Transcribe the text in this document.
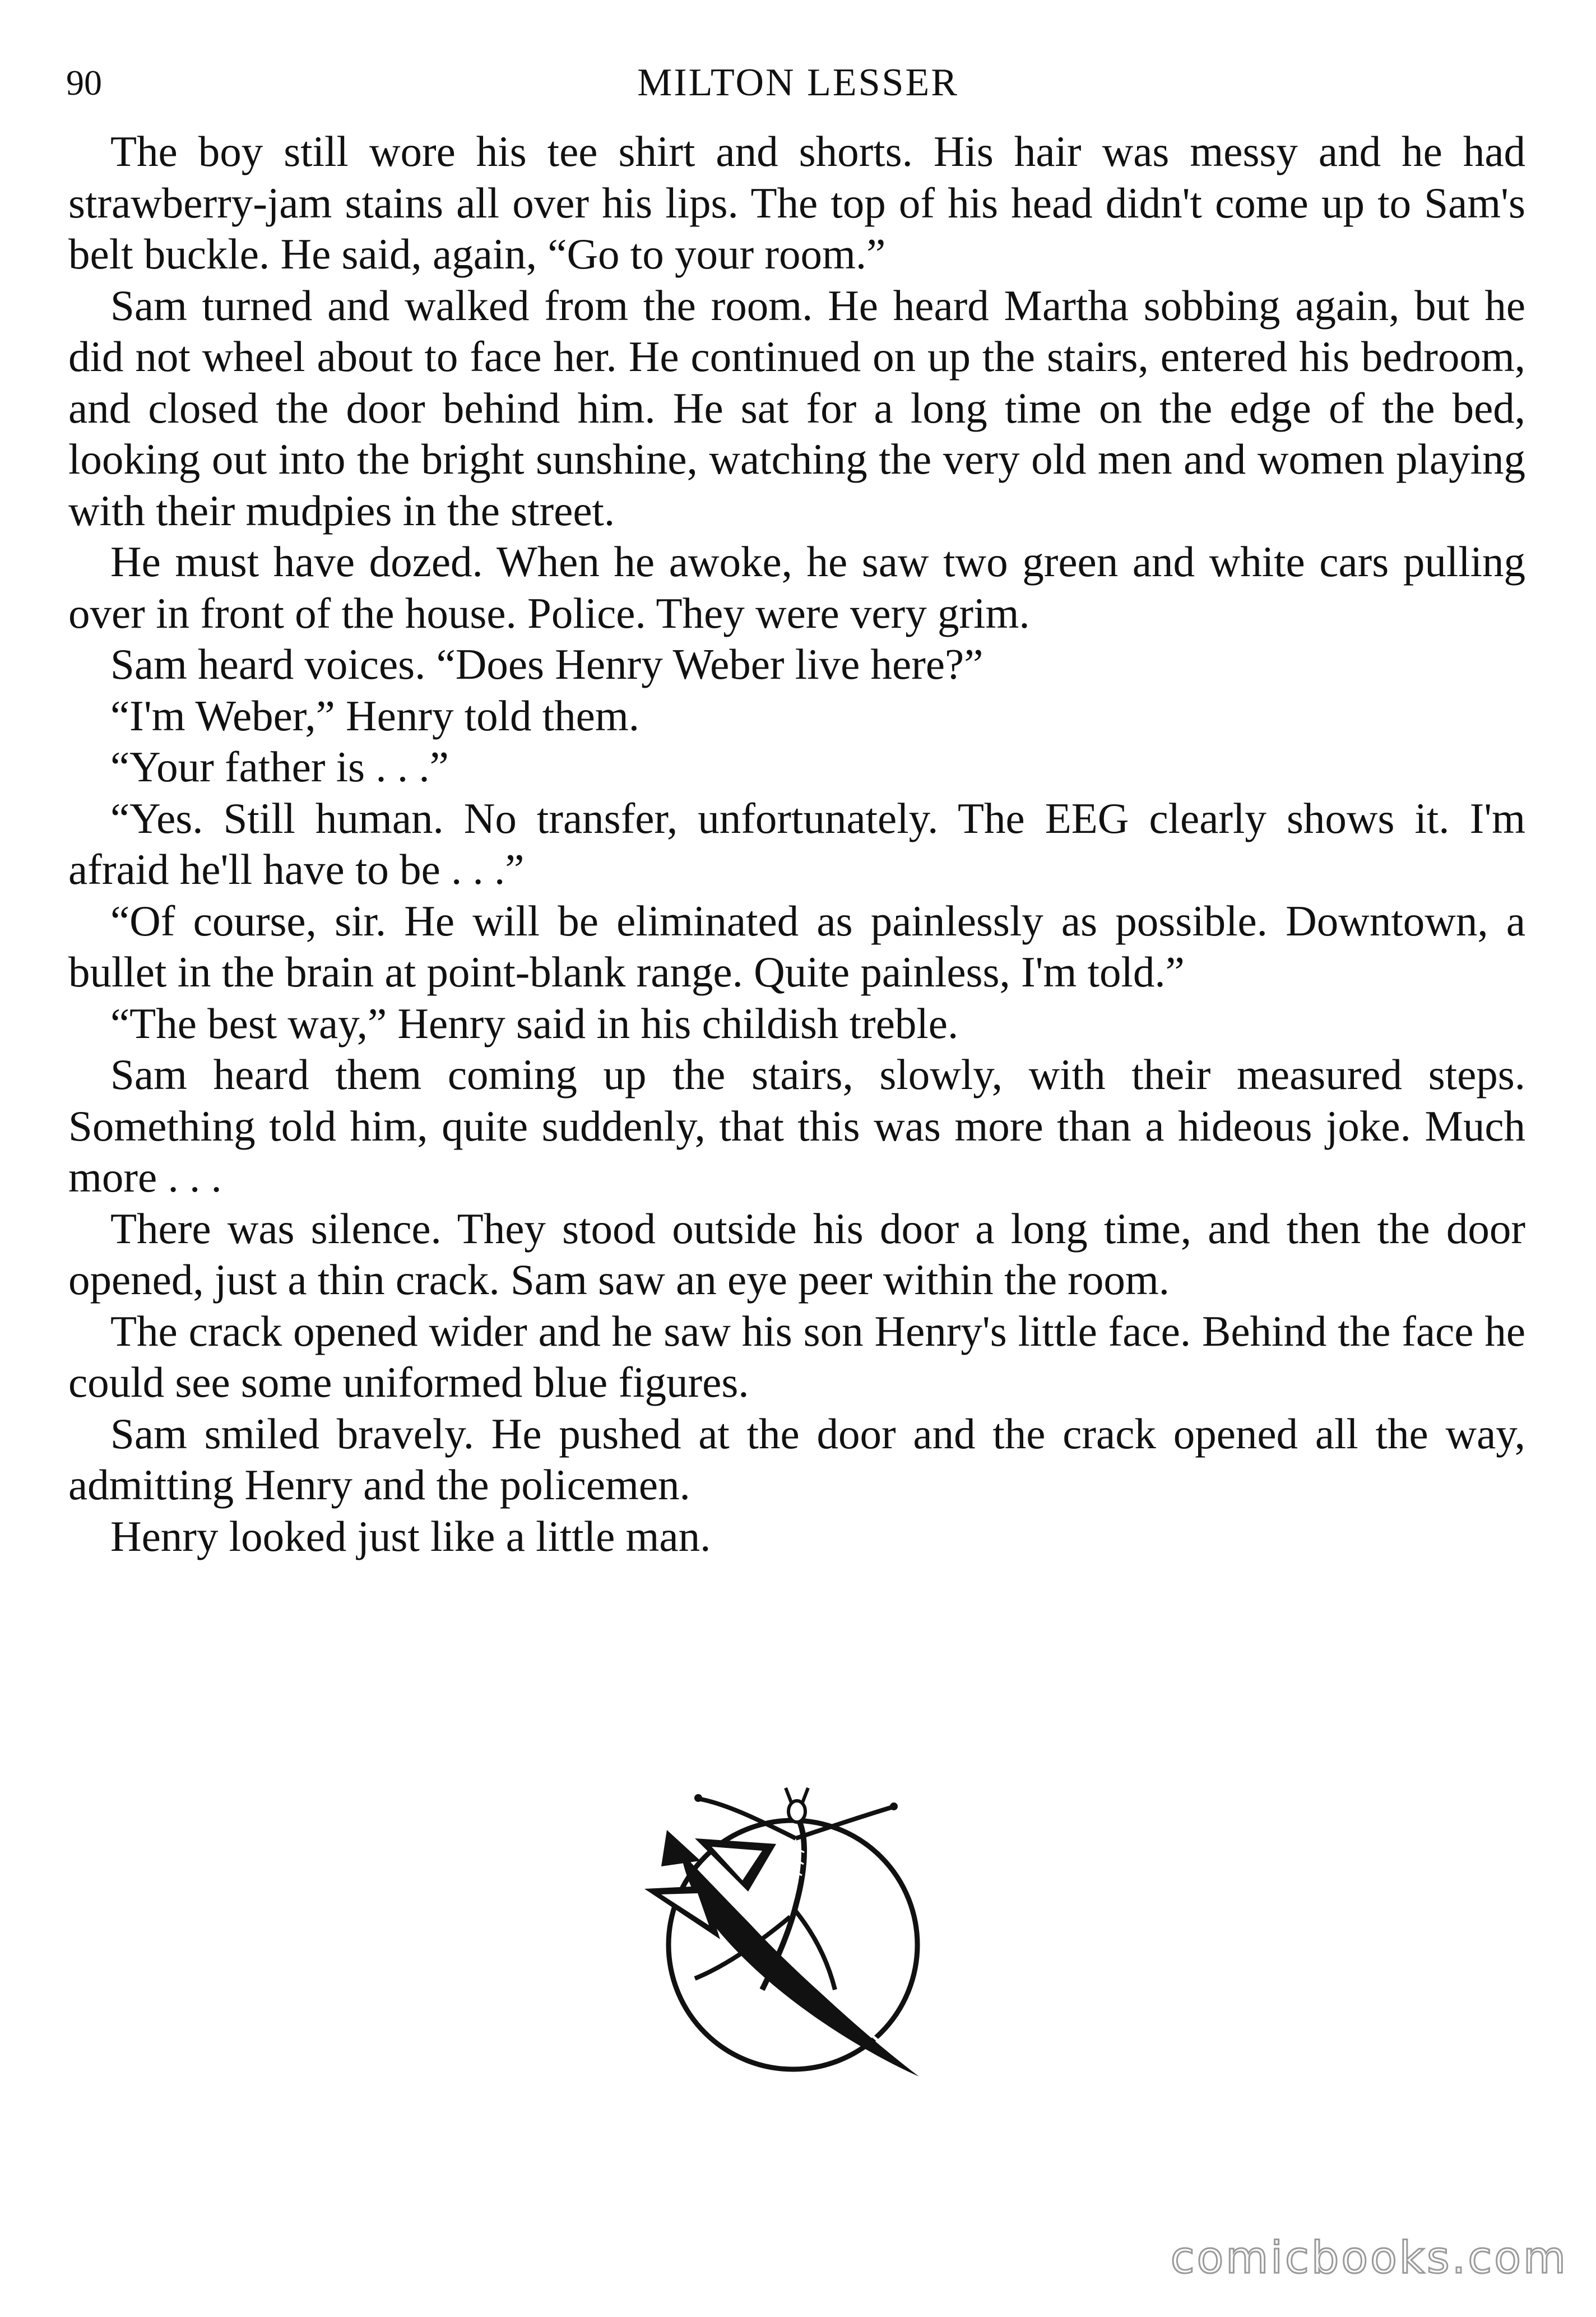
90	MILTON LESSER

The boy still wore his tee shirt and shorts. His hair was messy and he had strawberry-jam stains all over his lips. The top of his head didn't come up to Sam's belt buckle. He said, again, “Go to your room.”

Sam turned and walked from the room. He heard Martha sobbing again, but he did not wheel about to face her. He continued on up the stairs, entered his bedroom, and closed the door behind him. He sat for a long time on the edge of the bed, looking out into the bright sunshine, watching the very old men and women playing with their mudpies in the street.

He must have dozed. When he awoke, he saw two green and white cars pulling over in front of the house. Police. They were very grim.

Sam heard voices. “Does Henry Weber live here?”

“I'm Weber,” Henry told them.

“Your father is . . .”

“Yes. Still human. No transfer, unfortunately. The EEG clearly shows it. I'm afraid he'll have to be . . .”

“Of course, sir. He will be eliminated as painlessly as possible. Downtown, a bullet in the brain at point-blank range. Quite painless, I'm told.”

“The best way,” Henry said in his childish treble.

Sam heard them coming up the stairs, slowly, with their measured steps. Something told him, quite suddenly, that this was more than a hideous joke. Much more . . .

There was silence. They stood outside his door a long time, and then the door opened, just a thin crack. Sam saw an eye peer within the room.

The crack opened wider and he saw his son Henry's little face. Behind the face he could see some uniformed blue figures.

Sam smiled bravely. He pushed at the door and the crack opened all the way, admitting Henry and the policemen.

Henry looked just like a little man.

comicbooks.com
